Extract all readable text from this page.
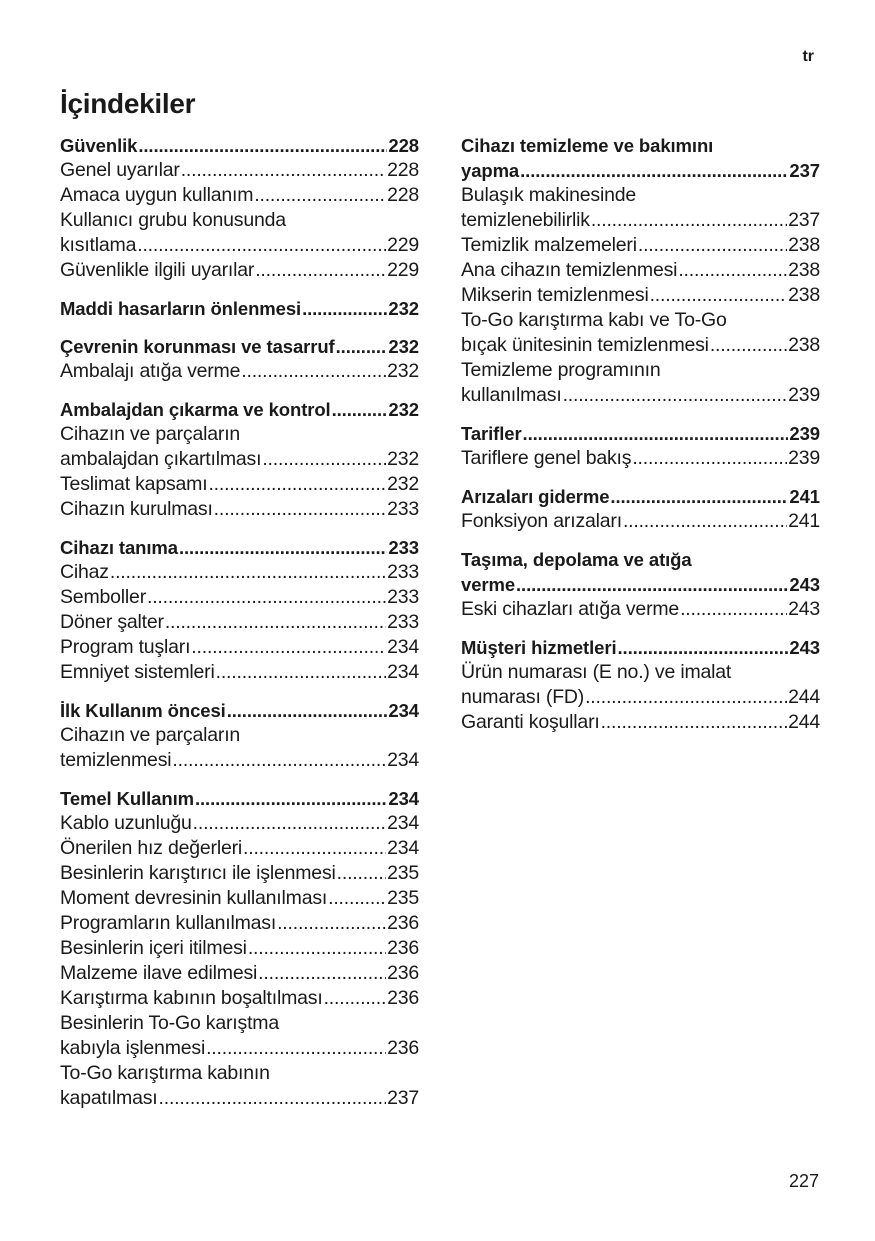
tr
İçindekiler
Güvenlik .....	228
Genel uyarılar .....	228
Amaca uygun kullanım .....	228
Kullanıcı grubu konusunda
kısıtlama .....	229
Güvenlikle ilgili uyarılar .....	229
Maddi hasarların önlenmesi .....	232
Çevrenin korunması ve tasarruf .....	232
Ambalajı atığa verme .....	232
Ambalajdan çıkarma ve kontrol .....	232
Cihazın ve parçaların
ambalajdan çıkartılması .....	232
Teslimat kapsamı .....	232
Cihazın kurulması .....	233
Cihazı tanıma .....	233
Cihaz .....	233
Semboller .....	233
Döner şalter .....	233
Program tuşları .....	234
Emniyet sistemleri .....	234
İlk Kullanım öncesi .....	234
Cihazın ve parçaların
temizlenmesi .....	234
Temel Kullanım .....	234
Kablo uzunluğu .....	234
Önerilen hız değerleri .....	234
Besinlerin karıştırıcı ile işlenmesi .....	235
Moment devresinin kullanılması .....	235
Programların kullanılması .....	236
Besinlerin içeri itilmesi .....	236
Malzeme ilave edilmesi .....	236
Karıştırma kabının boşaltılması .....	236
Besinlerin To-Go karıştma
kabıyla işlenmesi .....	236
To-Go karıştırma kabının
kapatılması .....	237
Cihazı temizleme ve bakımını
yapma .....	237
Bulaşık makinesinde
temizlenebilirlik .....	237
Temizlik malzemeleri .....	238
Ana cihazın temizlenmesi .....	238
Mikserin temizlenmesi .....	238
To-Go karıştırma kabı ve To-Go
bıçak ünitesinin temizlenmesi .....	238
Temizleme programının
kullanılması .....	239
Tarifler .....	239
Tariflere genel bakış .....	239
Arızaları giderme .....	241
Fonksiyon arızaları .....	241
Taşıma, depolama ve atığa
verme .....	243
Eski cihazları atığa verme .....	243
Müşteri hizmetleri .....	243
Ürün numarası (E no.) ve imalat
numarası (FD) .....	244
Garanti koşulları .....	244
227
